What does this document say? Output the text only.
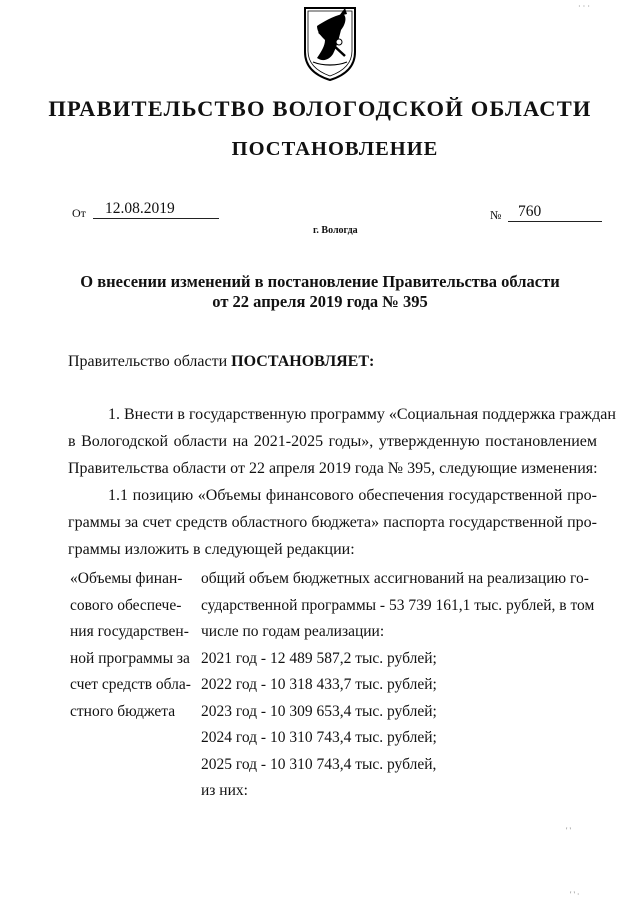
ПРАВИТЕЛЬСТВО ВОЛОГОДСКОЙ ОБЛАСТИ
ПОСТАНОВЛЕНИЕ
От	12.08.2019
г. Вологда
№	760
О внесении изменений в постановление Правительства области
от 22 апреля 2019 года № 395
Правительство области ПОСТАНОВЛЯЕТ:
1. Внести в государственную программу «Социальная поддержка граждан
в Вологодской области на 2021-2025 годы», утвержденную постановлением
Правительства области от 22 апреля 2019 года № 395, следующие изменения:
1.1 позицию «Объемы финансового обеспечения государственной про-
граммы за счет средств областного бюджета» паспорта государственной про-
граммы изложить в следующей редакции:
«Объемы финан-
сового обеспече-
ния государствен-
ной программы за
счет средств обла-
стного бюджета
общий объем бюджетных ассигнований на реализацию го-
сударственной программы - 53 739 161,1 тыс. рублей, в том
числе по годам реализации:
2021 год - 12 489 587,2 тыс. рублей;
2022 год - 10 318 433,7 тыс. рублей;
2023 год - 10 309 653,4 тыс. рублей;
2024 год - 10 310 743,4 тыс. рублей;
2025 год - 10 310 743,4 тыс. рублей,
из них:
· · ·
' '
' ' ·
